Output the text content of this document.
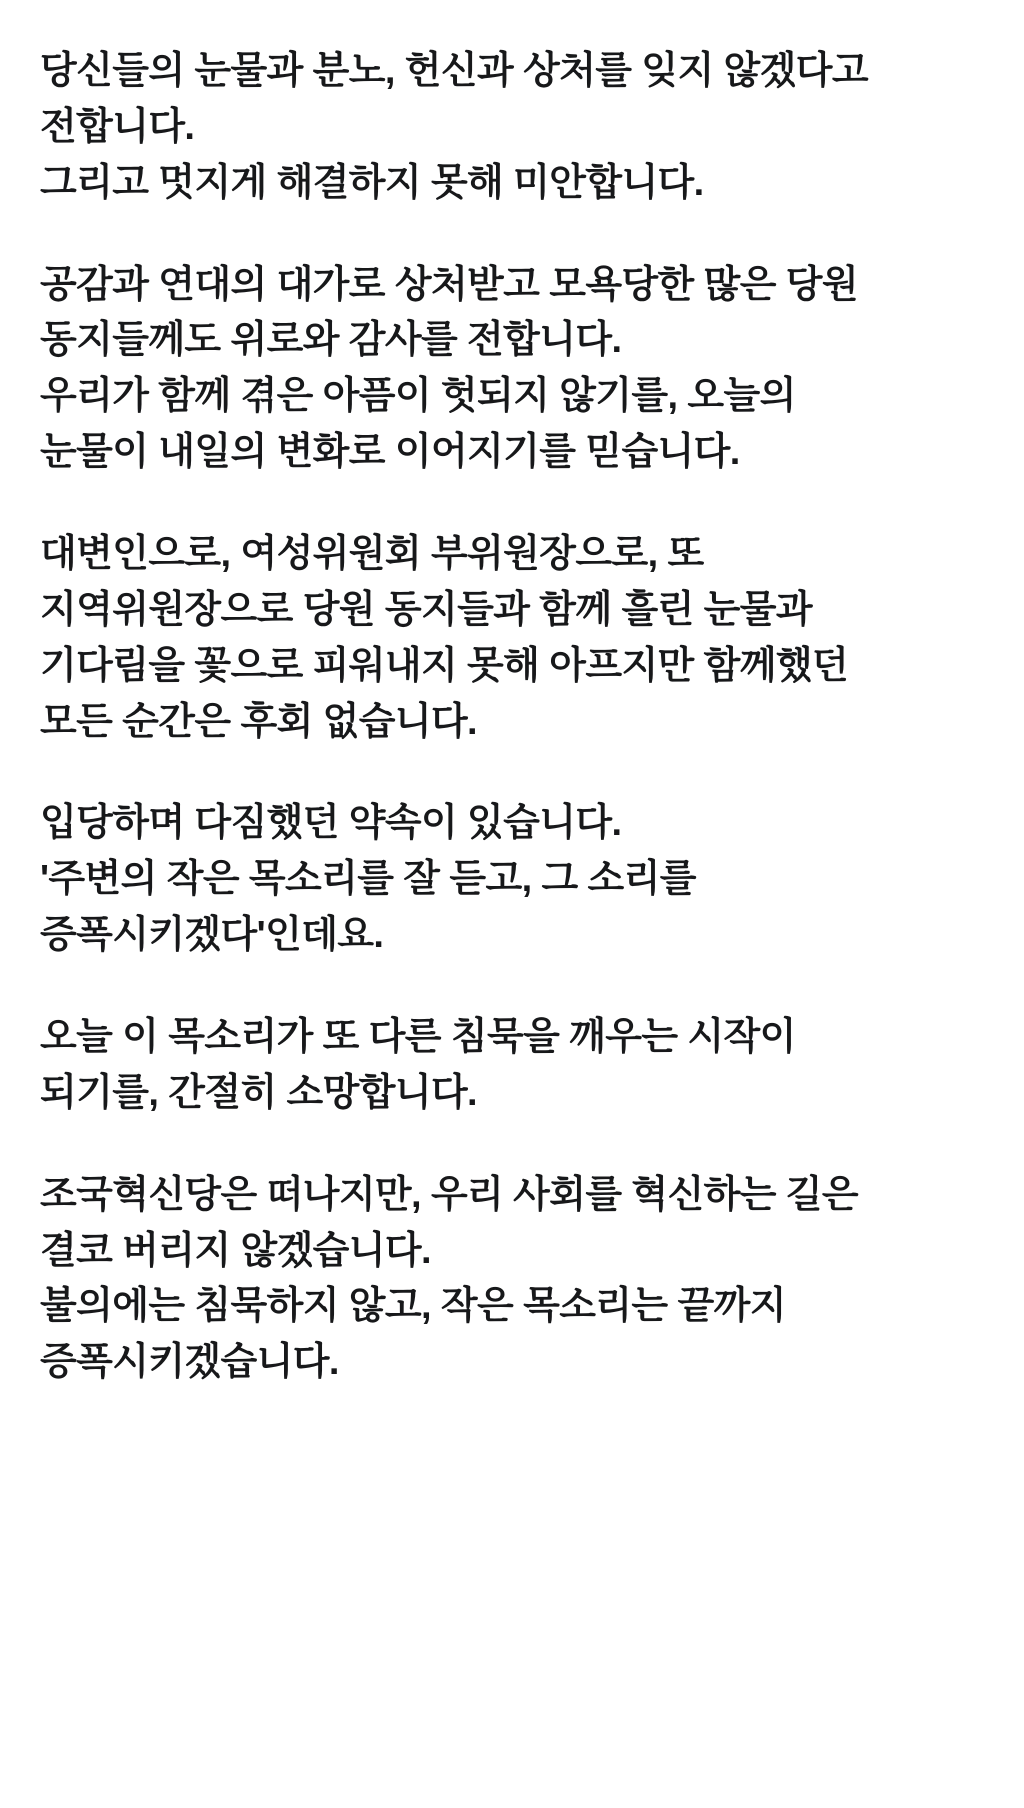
당신들의 눈물과 분노, 헌신과 상처를 잊지 않겠다고
전합니다.
그리고 멋지게 해결하지 못해 미안합니다.
공감과 연대의 대가로 상처받고 모욕당한 많은 당원
동지들께도 위로와 감사를 전합니다.
우리가 함께 겪은 아픔이 헛되지 않기를, 오늘의
눈물이 내일의 변화로 이어지기를 믿습니다.
대변인으로, 여성위원회 부위원장으로, 또
지역위원장으로 당원 동지들과 함께 흘린 눈물과
기다림을 꽃으로 피워내지 못해 아프지만 함께했던
모든 순간은 후회 없습니다.
입당하며 다짐했던 약속이 있습니다.
'주변의 작은 목소리를 잘 듣고, 그 소리를
증폭시키겠다'인데요.
오늘 이 목소리가 또 다른 침묵을 깨우는 시작이
되기를, 간절히 소망합니다.
조국혁신당은 떠나지만, 우리 사회를 혁신하는 길은
결코 버리지 않겠습니다.
불의에는 침묵하지 않고, 작은 목소리는 끝까지
증폭시키겠습니다.
